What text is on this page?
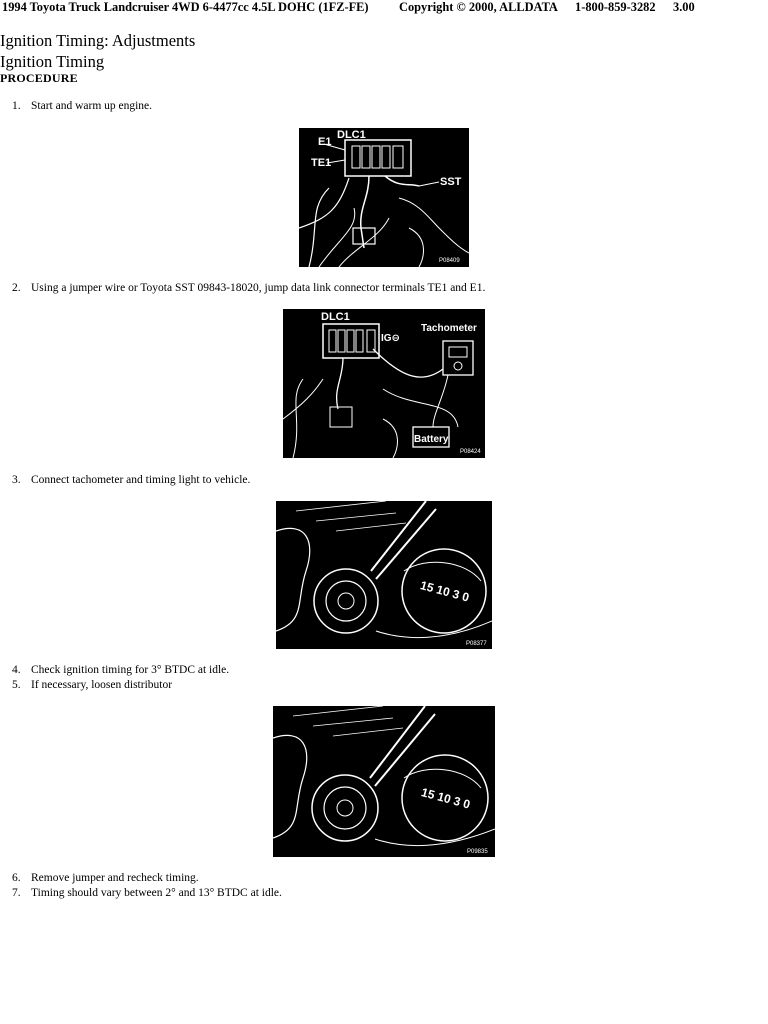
1994 Toyota Truck Landcruiser 4WD 6-4477cc 4.5L DOHC (1FZ-FE) Copyright © 2000, ALLDATA 1-800-859-3282 3.00
Ignition Timing: Adjustments
Ignition Timing
PROCEDURE
1. Start and warm up engine.
DLC1
E1
TE1
SST
P08409
2. Using a jumper wire or Toyota SST 09843-18020, jump data link connector terminals TE1 and E1.
DLC1
IG⊖
Tachometer
Battery
P08424
3. Connect tachometer and timing light to vehicle.
15 10 3 0
P08377
4. Check ignition timing for 3° BTDC at idle.
5. If necessary, loosen distributor
15 10 3 0
P09835
6. Remove jumper and recheck timing.
7. Timing should vary between 2° and 13° BTDC at idle.
